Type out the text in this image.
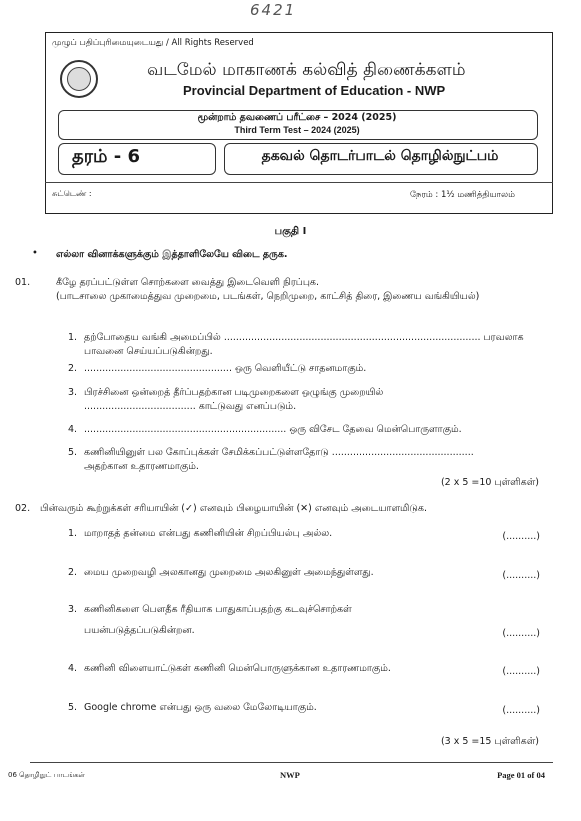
6421
முழுப் பதிப்புரிமையுடையது / All Rights Reserved
வடமேல் மாகாணக் கல்வித் திணைக்களம்
Provincial Department of Education - NWP
மூன்றாம் தவணைப் பரீட்சை – 2024 (2025)
Third Term Test – 2024 (2025)
தரம் - 6	தகவல் தொடர்பாடல் தொழில்நுட்பம்
சுட்டெண் :	நேரம் : 1½ மணித்தியாலம்
பகுதி I
• எல்லா வினாக்களுக்கும் இத்தாளிலேயே விடை தருக.
01.	கீழே தரப்பட்டுள்ள சொற்களை வைத்து இடைவெளி நிரப்புக.
(பாடசாலை முகாமைத்துவ முறைமை, படங்கள், நெறிமுறை, காட்சித் திரை, இணைய வங்கியியல்)
1. தற்போதைய வங்கி அமைப்பில் ..................................................................................... பரவலாக
பாவனை செய்யப்படுகின்றது.
2. ................................................. ஒரு வெளியீட்டு சாதனமாகும்.
3. பிரச்சினை ஒன்றைத் தீர்ப்பதற்கான படிமுறைகளை ஒழுங்கு முறையில்
..................................... காட்டுவது எனப்படும்.
4. ................................................................... ஒரு விசேட தேவை மென்பொருளாகும்.
5. கணினியினுள் பல கோப்புக்கள் சேமிக்கப்பட்டுள்ளதோடு ...............................................
அதற்கான உதாரணமாகும்.
(2 x 5 =10 புள்ளிகள்)
02. பின்வரும் கூற்றுக்கள் சரியாயின் (✓) எனவும் பிழையாயின் (✕) எனவும் அடையாளமிடுக.
1. மாறாதத் தன்மை என்பது கணினியின் சிறப்பியல்பு அல்ல.	(..........)
2. மைய முறைவழி அலகானது முறைமை அலகினுள் அமைந்துள்ளது.	(..........)
3. கணினிகளை பௌதீக ரீதியாக பாதுகாப்பதற்கு கடவுச்சொற்கள்
பயன்படுத்தப்படுகின்றன.	(..........)
4. கணினி விளையாட்டுகள் கணினி மென்பொருளுக்கான உதாரணமாகும்.	(..........)
5. Google chrome என்பது ஒரு வலை மேலோடியாகும்.	(..........)
(3 x 5 =15 புள்ளிகள்)
06 தொழிநுட் பாடங்கள்	NWP	Page 01 of 04
